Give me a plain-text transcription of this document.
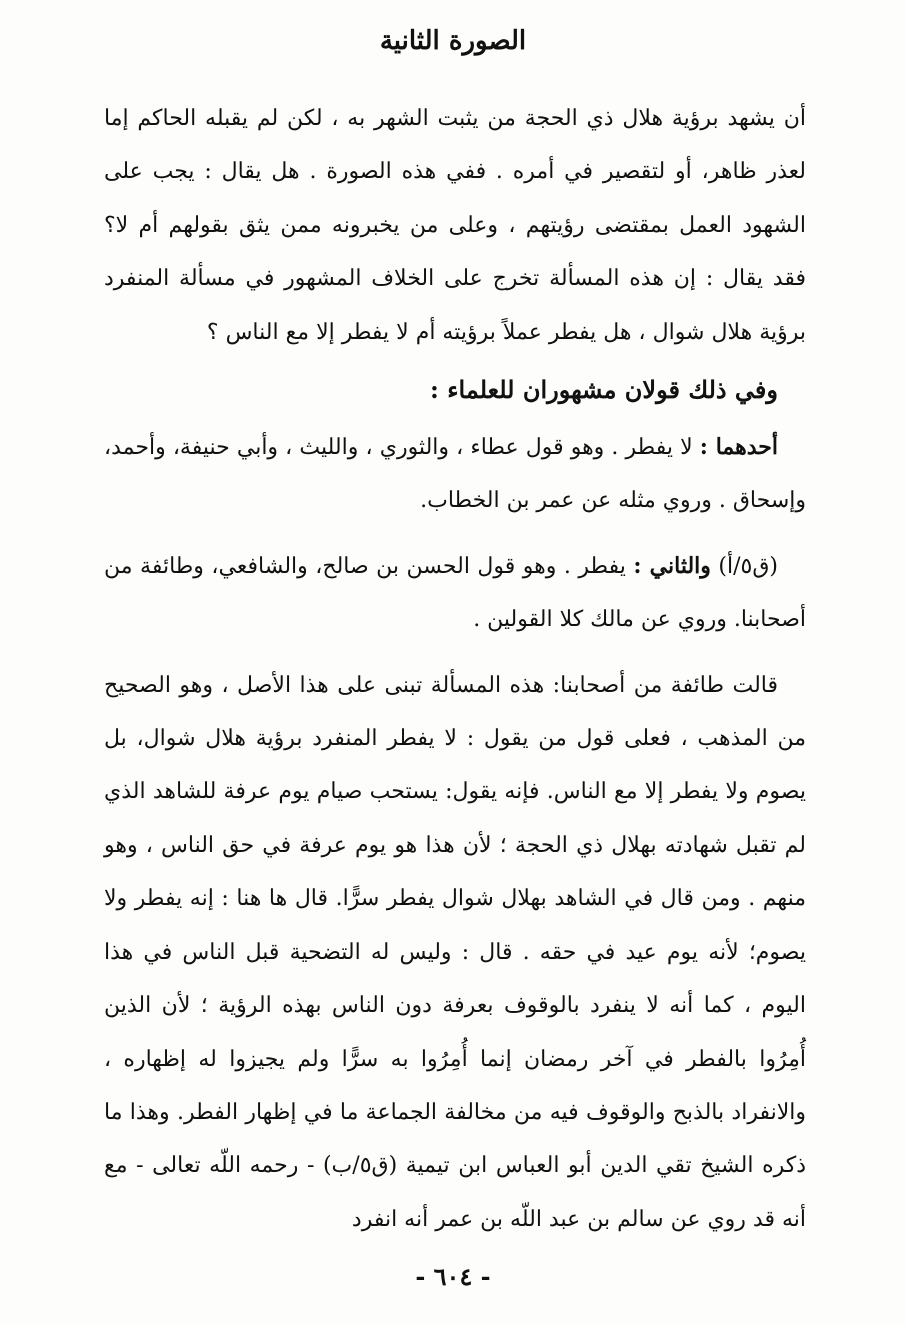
الصورة الثانية

أن يشهد برؤية هلال ذي الحجة من يثبت الشهر به ، لكن لم يقبله الحاكم إما لعذر ظاهر، أو لتقصير في أمره . ففي هذه الصورة . هل يقال : يجب على الشهود العمل بمقتضى رؤيتهم ، وعلى من يخبرونه ممن يثق بقولهم أم لا؟ فقد يقال : إن هذه المسألة تخرج على الخلاف المشهور في مسألة المنفرد برؤية هلال شوال ، هل يفطر عملاً برؤيته أم لا يفطر إلا مع الناس ؟

وفي ذلك قولان مشهوران للعلماء :

أحدهما : لا يفطر . وهو قول عطاء ، والثوري ، والليث ، وأبي حنيفة، وأحمد، وإسحاق . وروي مثله عن عمر بن الخطاب.

(ق٥/أ) والثاني : يفطر . وهو قول الحسن بن صالح، والشافعي، وطائفة من أصحابنا. وروي عن مالك كلا القولين .

قالت طائفة من أصحابنا: هذه المسألة تبنى على هذا الأصل ، وهو الصحيح من المذهب ، فعلى قول من يقول : لا يفطر المنفرد برؤية هلال شوال، بل يصوم ولا يفطر إلا مع الناس. فإنه يقول: يستحب صيام يوم عرفة للشاهد الذي لم تقبل شهادته بهلال ذي الحجة ؛ لأن هذا هو يوم عرفة في حق الناس ، وهو منهم . ومن قال في الشاهد بهلال شوال يفطر سرًّا. قال ها هنا : إنه يفطر ولا يصوم؛ لأنه يوم عيد في حقه . قال : وليس له التضحية قبل الناس في هذا اليوم ، كما أنه لا ينفرد بالوقوف بعرفة دون الناس بهذه الرؤية ؛ لأن الذين أُمِرُوا بالفطر في آخر رمضان إنما أُمِرُوا به سرًّا ولم يجيزوا له إظهاره ، والانفراد بالذبح والوقوف فيه من مخالفة الجماعة ما في إظهار الفطر. وهذا ما ذكره الشيخ تقي الدين أبو العباس ابن تيمية (ق٥/ب) - رحمه اللّه تعالى - مع أنه قد روي عن سالم بن عبد اللّه بن عمر أنه انفرد

- ٦٠٤ -
